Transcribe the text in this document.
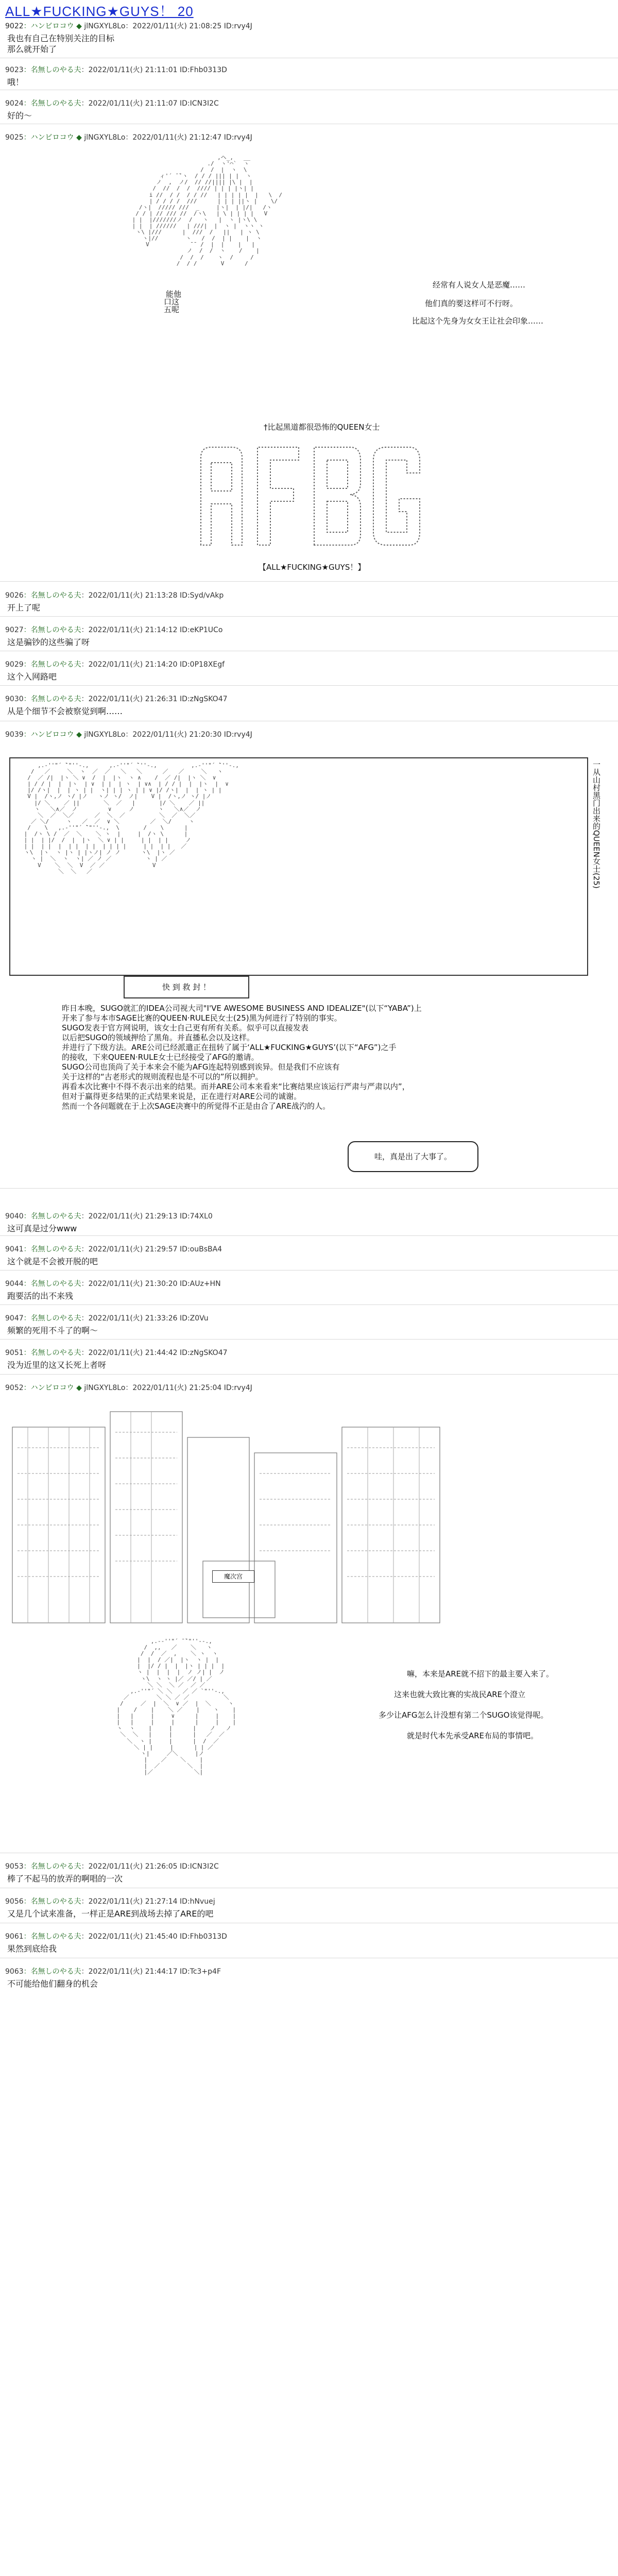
ALL★FUCKING★GUYS！ 20
9022：ハンビロコウ ◆ jlNGXYL8Lo：2022/01/11(火) 21:08:25 ID:rvy4J
我也有自己在特别关注的目标
那么就开始了
9023：名無しのやる夫：2022/01/11(火) 21:11:01 ID:Fhb0313D
哦！
9024：名無しのやる夫：2022/01/11(火) 21:11:07 ID:ICN3I2C
好的～
9025：ハンビロコウ ◆ jlNGXYL8Lo：2022/01/11(火) 21:12:47 ID:rvy4J
,ヘ_,   __
./  ヽ'⌒`  ヽ
/  /  |  ヽ  \
ィ'´ ̄ ̄`ヽ  / / / ||| | |  ヽ
ノ  ,  ノ/  // //|||| |\ |  |
/  //  /  /  //// | | | |ヽ| |
i //  / /  / / //   | | | | |  |   \  /
| / / / /  ///      | | | ||ヽ |    \/
/ヽ|  ///// ///  _     |ヽ|  | |/|   /ヽ
/ / | // /// //  /ヽ\   | \ | | | |   V
| |  |///////ノ  /   ヽ   |  ヽ |ヽ\ \
| |  | //////   | ///|  |  ヽ |  ヽヽ ヽ
ヽ\ |///      |  ///  /   ||   | ヽ \
ヽ|//        ヽ   /  /  | |    |  ヽ
V            ̄ ̄  /  |  |    |   |
ノ  /  /  ヽ    /    |
/  /  /    ヽ  /     /
/  / /       V      /
能他
口这
五呢
经常有人说女人是恶魔……
他们真的要这样可不行呀。
比起这个先身为女女王让社会印象……
†比起黑道都很恐怖的QUEEN女士
【ALL★FUCKING★GUYS！】
9026：名無しのやる夫：2022/01/11(火) 21:13:28 ID:Syd/vAkp
开上了呢
9027：名無しのやる夫：2022/01/11(火) 21:14:12 ID:eKP1UCo
这是骗钞的这些骗了呀
9029：名無しのやる夫：2022/01/11(火) 21:14:20 ID:0P18XEgf
这个入网路吧
9030：名無しのやる夫：2022/01/11(火) 21:26:31 ID:zNgSKO47
从是个细节不会被察觉到啊……
9039：ハンビロコウ ◆ jlNGXYL8Lo：2022/01/11(火) 21:20:30 ID:rvy4J
,.-''"´ ̄`"''-.,      ,.-''"´ ̄`''-.,          ,.-''"´ ̄`''-.,
/   ／     ＼  ヽ  ／  ／   ＼   ＼      ／   ／     ＼   ヽ
/  ／ /|  |ヽ ＼ ∨  /  |  |ヽ  ヽ ∧    /  ／ /|  |ヽ ＼  ∨
| / / |  |  |ヽ  | ∨  | |  | ヽ  | ∨∧  | / / |  |  |ヽ  |  ∨
|/ /ヽ|  |  | ヽ | |  ヽ| | | ヽ | | ∨ |/ /ヽ|  |  | ヽ | |
V |  /ヽ,ノ ヽ/ |ノ   ヽノ ヽ/  ノ|    V |  /ヽ,ノ ヽ/ |ノ
|/ ＼    ／ ||       ＼  ／   |       |/ ＼    ／ ||
ヽ   ＼∧／  ノ         ∨     ノ       ヽ   ＼∧／  ノ
＼  ／  ＼／      ／  ＼  ／          ＼  ／  ＼／
／ ＼/     ヽ   ／  ／  ∨ ＼         ／  ＼/     ヽ
/    \   ,.-''"´ ̄`"''-.,  \       /    \      |
|  /ヽ \ /  ／  ＼    ＼ ヽ  |     |  /ヽ \      |
| |  | |/  /  |  |ヽ  ＼ ∨ | |     | |  | |     ノ
| |  | |  |  | |  | |  | | | |     | |  | |   ／
ヽ\  |ヽ  ヽ |ヽ | |ヽノ| ノ ノ      ヽ\  |ヽ ／
ヽ |  ＼  ヽ  ヽ| ／ ノ ／          ヽ | ／
V    ＼  ＼  V  ／ ／              V
＼  ＼   ／	一从山村黑门出来的QUEEN女士(25)
快 到 救 封 ！
昨日本晚，SUGO就汇的IDEA公司视大司"I'VE AWESOME BUSINESS AND IDEALIZE"(以下“YABA”)上
开来了参与本市SAGE比赛的QUEEN·RULE民女士(25)黑为何进行了特别的事实。
SUGO发表于官方网说明，该女士自己更有所有关系。似乎可以直接发表
以后把SUGO的领域押给了黑角。并直播私会以及这样。
并进行了下级方法。ARE公司已经派遣正在扭转了属于‘ALL★FUCKING★GUYS’(以下“AFG”)之手
的接收，下来QUEEN·RULE女士已经接受了AFG的邀请。
SUGO公司也顶尚了关于本来会不能为AFG连起特别感到诶异。但是我们不应该有
关于这样的“古老形式的规则流程也是不可以的”所以拥护。
再看本次比赛中不得不表示出来的结果。而并ARE公司本来看来“比赛结果应该运行严肃与严肃以内”，
但对于赢得更多结果的正式结果来说是，正在进行对ARE公司的诚谢。
然而一个各问题就在于上次SAGE决赛中的所觉得不正是由合了ARE战汋的人。
哇，真是出了大事了。
9040：名無しのやる夫：2022/01/11(火) 21:29:13 ID:74XL0
这可真是过分www
9041：名無しのやる夫：2022/01/11(火) 21:29:57 ID:ouBsBA4
这个就是不会被开脱的吧
9044：名無しのやる夫：2022/01/11(火) 21:30:20 ID:AUz+HN
跑要活的出不来残
9047：名無しのやる夫：2022/01/11(火) 21:33:26 ID:Z0Vu
频繁的死用不斗了的啊～
9051：名無しのやる夫：2022/01/11(火) 21:44:42 ID:zNgSKO47
没为近里的这又长死上者呀
9052：ハンビロコウ ◆ jlNGXYL8Lo：2022/01/11(火) 21:25:04 ID:rvy4J
魔次宫
,.-‐''"´ ̄ ̄`"''‐-.,
/  ,,   ／    ＼   ヽ
/  /  ／  ,    ＼ ヽ  ヽ
|  |  / ／|  |ヽ  ヽ |  |
|  |/ / |  |  |ヽ | | |  |
ヽ |  |  |  |  ノ ノ| |  ノ
ヽ\  ヽ ヽ |／ ／/ | ／
＼ ＼  ＼ ／  ／ ／
,.-''"´ ＼ ＼   ／ ／ `"''-.,
／        ＼ ＼ ／ ／          ＼
/     ／  |  ＼  ∨ ／  |  ＼     ヽ
|    /    |    ＼ ／    |    ヽ    |
|   |     |     ∨      |     |    |
|   |     |     |      |     |    |
ヽ  ヽ    |     |      |    ノ   ノ
＼  ＼   |     |      |   ／  ／
＼  ヽ |     |      |  /  ／
＼ | |     |      | | ／
ヽ|     ／＼     |ノ
|    ／    ＼    |
|  ／        ＼  |
|／            ＼|
嘛，本来是ARE就不招下的最主要入来了。
这来也就大致比赛的实战民ARE个澄立
多少让AFG怎么计没想有第二个SUGO该觉得呢。
就是时代本先承受ARE布局的事情吧。
9053：名無しのやる夫：2022/01/11(火) 21:26:05 ID:ICN3I2C
棒了不起马的放弄的啊唱的一次
9056：名無しのやる夫：2022/01/11(火) 21:27:14 ID:hNvuej
又是几个试来准备，一样正是ARE到战场去掉了ARE的吧
9061：名無しのやる夫：2022/01/11(火) 21:45:40 ID:Fhb0313D
果然到底给我
9063：名無しのやる夫：2022/01/11(火) 21:44:17 ID:Tc3+p4F
不可能给他们翻身的机会
